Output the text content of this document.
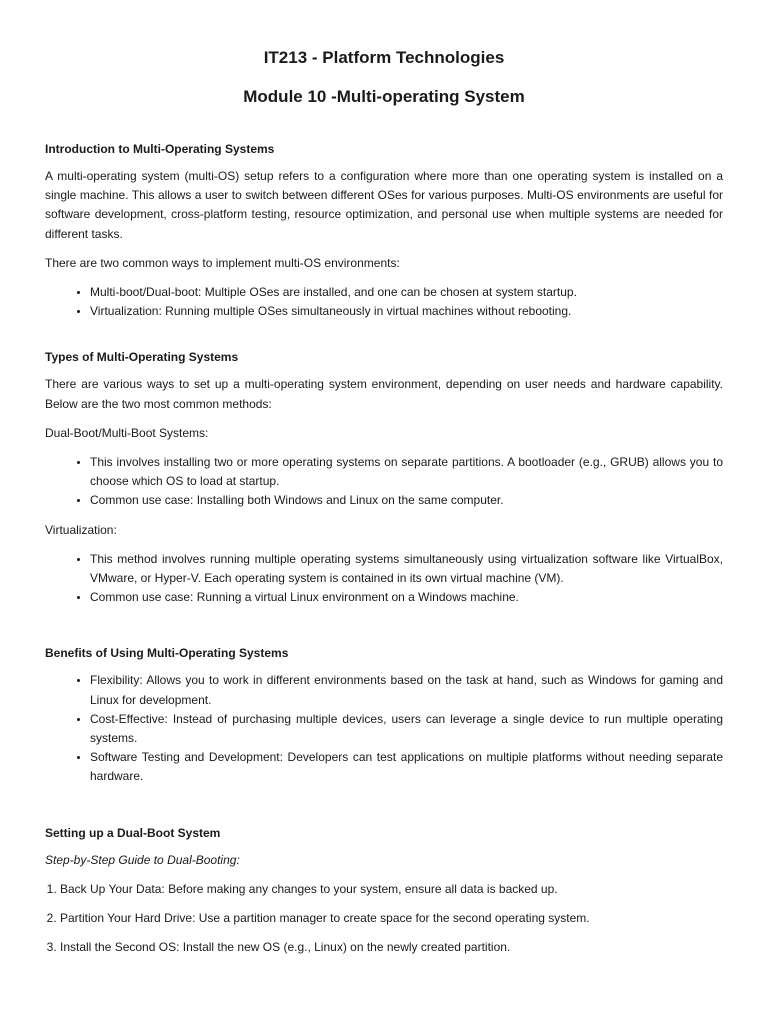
IT213 - Platform Technologies
Module 10 -Multi-operating System
Introduction to Multi-Operating Systems

A multi-operating system (multi-OS) setup refers to a configuration where more than one operating system is installed on a single machine. This allows a user to switch between different OSes for various purposes. Multi-OS environments are useful for software development, cross-platform testing, resource optimization, and personal use when multiple systems are needed for different tasks.

There are two common ways to implement multi-OS environments:

• Multi-boot/Dual-boot: Multiple OSes are installed, and one can be chosen at system startup.
• Virtualization: Running multiple OSes simultaneously in virtual machines without rebooting.
Types of Multi-Operating Systems

There are various ways to set up a multi-operating system environment, depending on user needs and hardware capability. Below are the two most common methods:

Dual-Boot/Multi-Boot Systems:

• This involves installing two or more operating systems on separate partitions. A bootloader (e.g., GRUB) allows you to choose which OS to load at startup.
• Common use case: Installing both Windows and Linux on the same computer.

Virtualization:

• This method involves running multiple operating systems simultaneously using virtualization software like VirtualBox, VMware, or Hyper-V. Each operating system is contained in its own virtual machine (VM).
• Common use case: Running a virtual Linux environment on a Windows machine.
Benefits of Using Multi-Operating Systems
• Flexibility: Allows you to work in different environments based on the task at hand, such as Windows for gaming and Linux for development.
• Cost-Effective: Instead of purchasing multiple devices, users can leverage a single device to run multiple operating systems.
• Software Testing and Development: Developers can test applications on multiple platforms without needing separate hardware.
Setting up a Dual-Boot System

Step-by-Step Guide to Dual-Booting:

1. Back Up Your Data: Before making any changes to your system, ensure all data is backed up.
2. Partition Your Hard Drive: Use a partition manager to create space for the second operating system.
3. Install the Second OS: Install the new OS (e.g., Linux) on the newly created partition.
